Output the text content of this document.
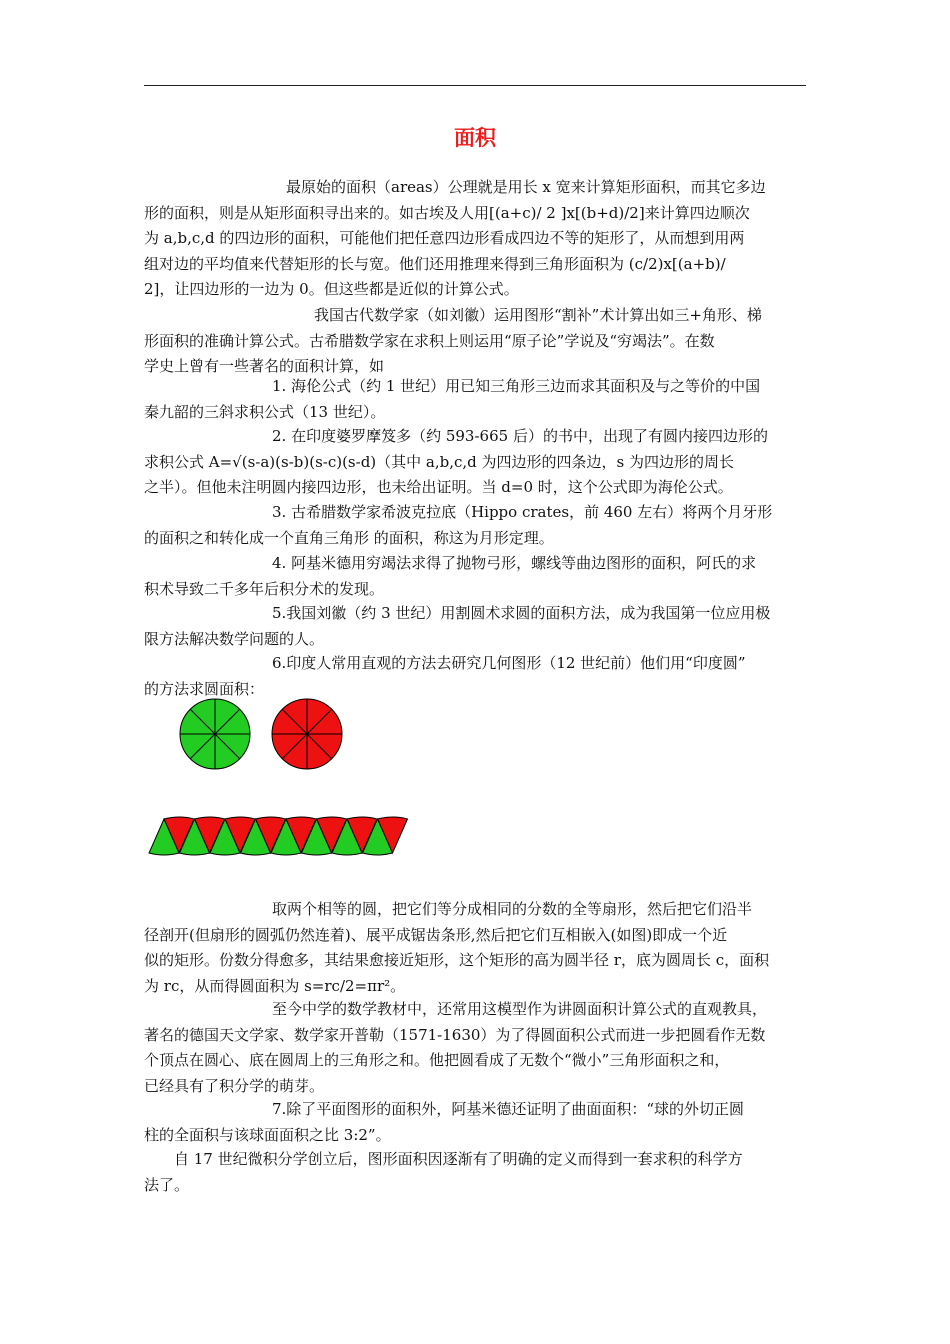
面积
最原始的面积（areas）公理就是用长 x 宽来计算矩形面积，而其它多边
形的面积，则是从矩形面积寻出来的。如古埃及人用[(a+c)/ 2 ]x[(b+d)/2]来计算四边顺次
为 a,b,c,d 的四边形的面积，可能他们把任意四边形看成四边不等的矩形了，从而想到用两
组对边的平均值来代替矩形的长与宽。他们还用推理来得到三角形面积为 (c/2)x[(a+b)/
2]，让四边形的一边为 0。但这些都是近似的计算公式。
我国古代数学家（如刘徽）运用图形“割补”术计算出如三+角形、梯
形面积的准确计算公式。古希腊数学家在求积上则运用“原子论”学说及“穷竭法”。在数
学史上曾有一些著名的面积计算，如
1. 海伦公式（约 1 世纪）用已知三角形三边而求其面积及与之等价的中国
秦九韶的三斜求积公式（13 世纪）。
2. 在印度婆罗摩笈多（约 593-665 后）的书中，出现了有圆内接四边形的
求积公式 A=√(s-a)(s-b)(s-c)(s-d)（其中 a,b,c,d 为四边形的四条边，s 为四边形的周长
之半）。但他未注明圆内接四边形，也未给出证明。当 d=0 时，这个公式即为海伦公式。
3. 古希腊数学家希波克拉底（Hippo crates，前 460 左右）将两个月牙形
的面积之和转化成一个直角三角形 的面积，称这为月形定理。
4. 阿基米德用穷竭法求得了抛物弓形，螺线等曲边图形的面积，阿氏的求
积术导致二千多年后积分术的发现。
5.我国刘徽（约 3 世纪）用割圆术求圆的面积方法，成为我国第一位应用极
限方法解决数学问题的人。
6.印度人常用直观的方法去研究几何图形（12 世纪前）他们用“印度圆”
的方法求圆面积：
取两个相等的圆，把它们等分成相同的分数的全等扇形，然后把它们沿半
径剖开(但扇形的圆弧仍然连着)、展平成锯齿条形,然后把它们互相嵌入(如图)即成一个近
似的矩形。份数分得愈多，其结果愈接近矩形，这个矩形的高为圆半径 r，底为圆周长 c，面积
为 rc，从而得圆面积为 s=rc/2=πr²。
至今中学的数学教材中，还常用这模型作为讲圆面积计算公式的直观教具，
著名的德国天文学家、数学家开普勒（1571-1630）为了得圆面积公式而进一步把圆看作无数
个顶点在圆心、底在圆周上的三角形之和。他把圆看成了无数个“微小”三角形面积之和，
已经具有了积分学的萌芽。
7.除了平面图形的面积外，阿基米德还证明了曲面面积：“球的外切正圆
柱的全面积与该球面面积之比 3:2”。
自 17 世纪微积分学创立后，图形面积因逐渐有了明确的定义而得到一套求积的科学方
法了。
